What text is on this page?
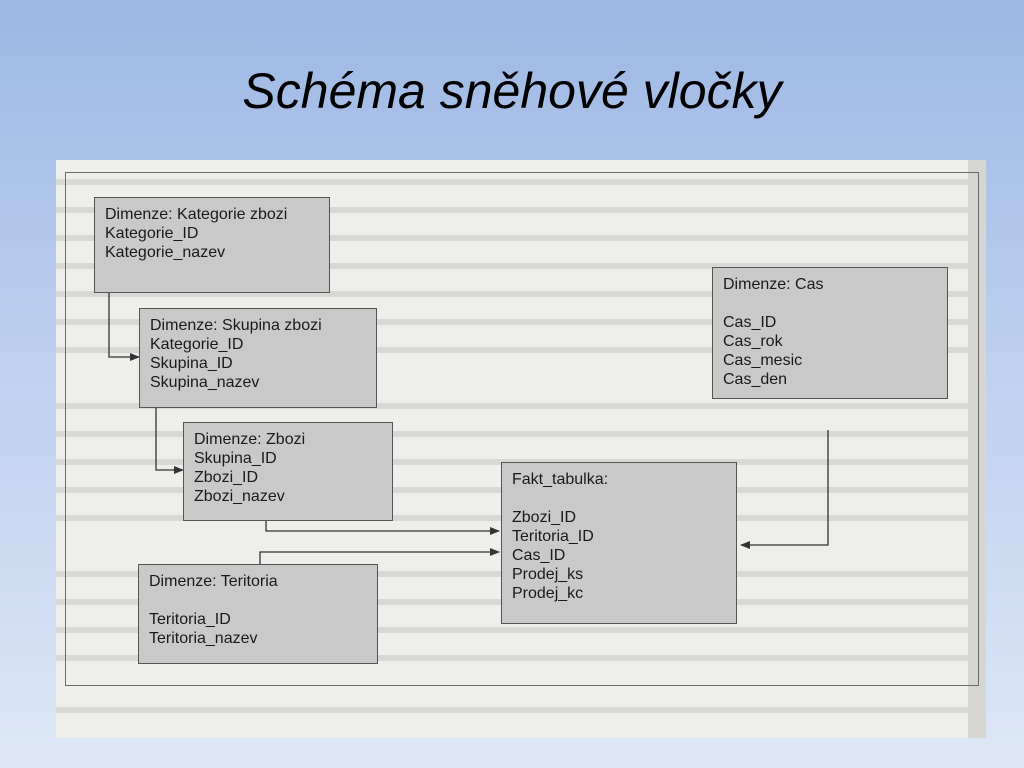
Schéma sněhové vločky
Dimenze: Kategorie zbozi
Kategorie_ID
Kategorie_nazev
Dimenze: Skupina zbozi
Kategorie_ID
Skupina_ID
Skupina_nazev
Dimenze: Zbozi
Skupina_ID
Zbozi_ID
Zbozi_nazev
Dimenze: Teritoria
Teritoria_ID
Teritoria_nazev
Dimenze: Cas
Cas_ID
Cas_rok
Cas_mesic
Cas_den
Fakt_tabulka:
Zbozi_ID
Teritoria_ID
Cas_ID
Prodej_ks
Prodej_kc
